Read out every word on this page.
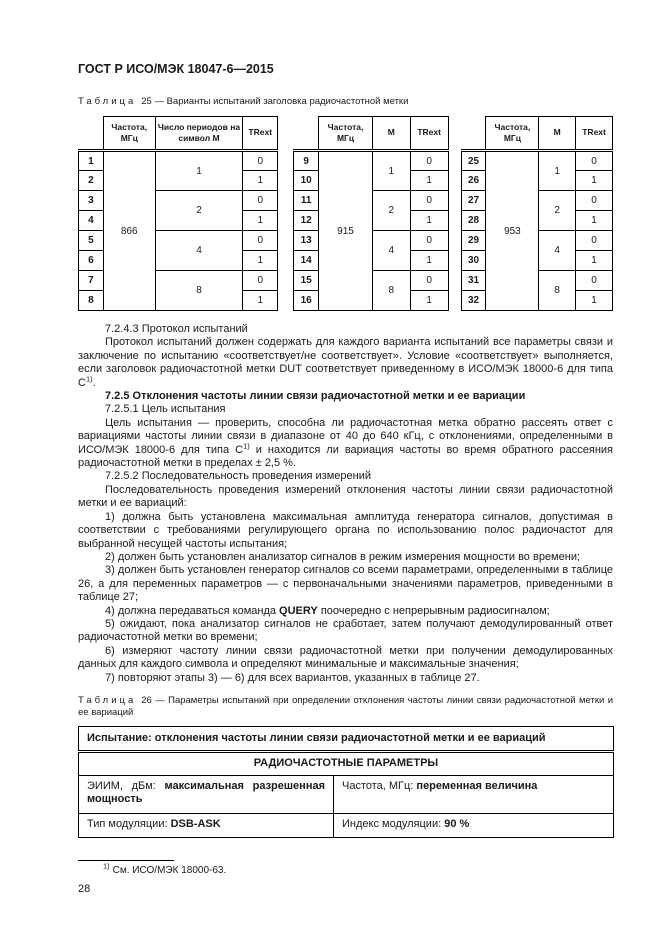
ГОСТ Р ИСО/МЭК 18047-6—2015

Таблица 25 — Варианты испытаний заголовка радиочастотной метки

	Частота, МГц	Число периодов на символ М	TRext
1	866	1	0
2			1
3		2	0
4			1
5		4	0
6			1
7		8	0
8			1
	Частота, МГц	М	TRext
9	915	1	0
10			1
11		2	0
12			1
13		4	0
14			1
15		8	0
16			1
	Частота, МГц	М	TRext
25	953	1	0
26			1
27		2	0
28			1
29		4	0
30			1
31		8	0
32			1

7.2.4.3 Протокол испытаний

Протокол испытаний должен содержать для каждого варианта испытаний все параметры связи и заключение по испытанию «соответствует/не соответствует». Условие «соответствует» выполняется, если заголовок радиочастотной метки DUT соответствует приведенному в ИСО/МЭК 18000-6 для типа $С^{1)}$.

7.2.5 Отклонения частоты линии связи радиочастотной метки и ее вариации

7.2.5.1 Цель испытания

Цель испытания — проверить, способна ли радиочастотная метка обратно рассеять ответ с вариациями частоты линии связи в диапазоне от 40 до 640 кГц, с отклонениями, определенными в ИСО/МЭК 18000-6 для типа $С^{1)}$ и находится ли вариация частоты во время обратного рассеяния радиочастотной метки в пределах ± 2,5 %.

7.2.5.2 Последовательность проведения измерений

Последовательность проведения измерений отклонения частоты линии связи радиочастотной метки и ее вариаций:

1) должна быть установлена максимальная амплитуда генератора сигналов, допустимая в соответствии с требованиями регулирующего органа по использованию полос радиочастот для выбранной несущей частоты испытания;

2) должен быть установлен анализатор сигналов в режим измерения мощности во времени;

3) должен быть установлен генератор сигналов со всеми параметрами, определенными в таблице 26, а для переменных параметров — с первоначальными значениями параметров, приведенными в таблице 27;

4) должна передаваться команда QUERY поочередно с непрерывным радиосигналом;

5) ожидают, пока анализатор сигналов не сработает, затем получают демодулированный ответ радиочастотной метки во времени;

6) измеряют частоту линии связи радиочастотной метки при получении демодулированных данных для каждого символа и определяют минимальные и максимальные значения;

7) повторяют этапы 3) — 6) для всех вариантов, указанных в таблице 27.

Таблица 26 — Параметры испытаний при определении отклонения частоты линии связи радиочастотной метки и ее вариаций

Испытание: отклонения частоты линии связи радиочастотной метки и ее вариаций	
РАДИОЧАСТОТНЫЕ ПАРАМЕТРЫ	
ЭИИМ, дБм: максимальная разрешенная мощность	Частота, МГц: переменная величина
Тип модуляции: DSB-ASK	Индекс модуляции: 90 %
$^{1)}$ См. ИСО/МЭК 18000-63.
28
